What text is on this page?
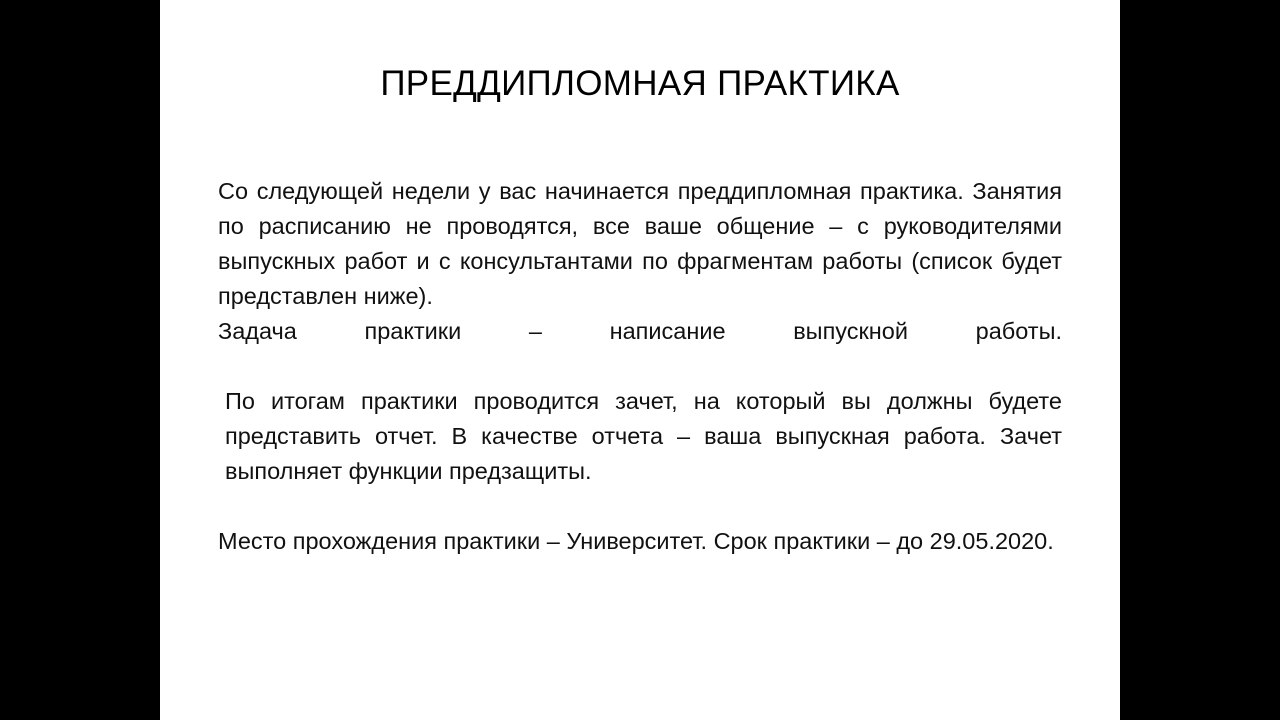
ПРЕДДИПЛОМНАЯ ПРАКТИКА

Со следующей недели у вас начинается преддипломная практика. Занятия по расписанию не проводятся, все ваше общение – с руководителями выпускных работ и с консультантами по фрагментам работы (список будет представлен ниже).

Задача практики – написание выпускной работы.

По итогам практики проводится зачет, на который вы должны будете представить отчет. В качестве отчета – ваша выпускная работа. Зачет выполняет функции предзащиты.

Место прохождения практики – Университет. Срок практики – до 29.05.2020.
